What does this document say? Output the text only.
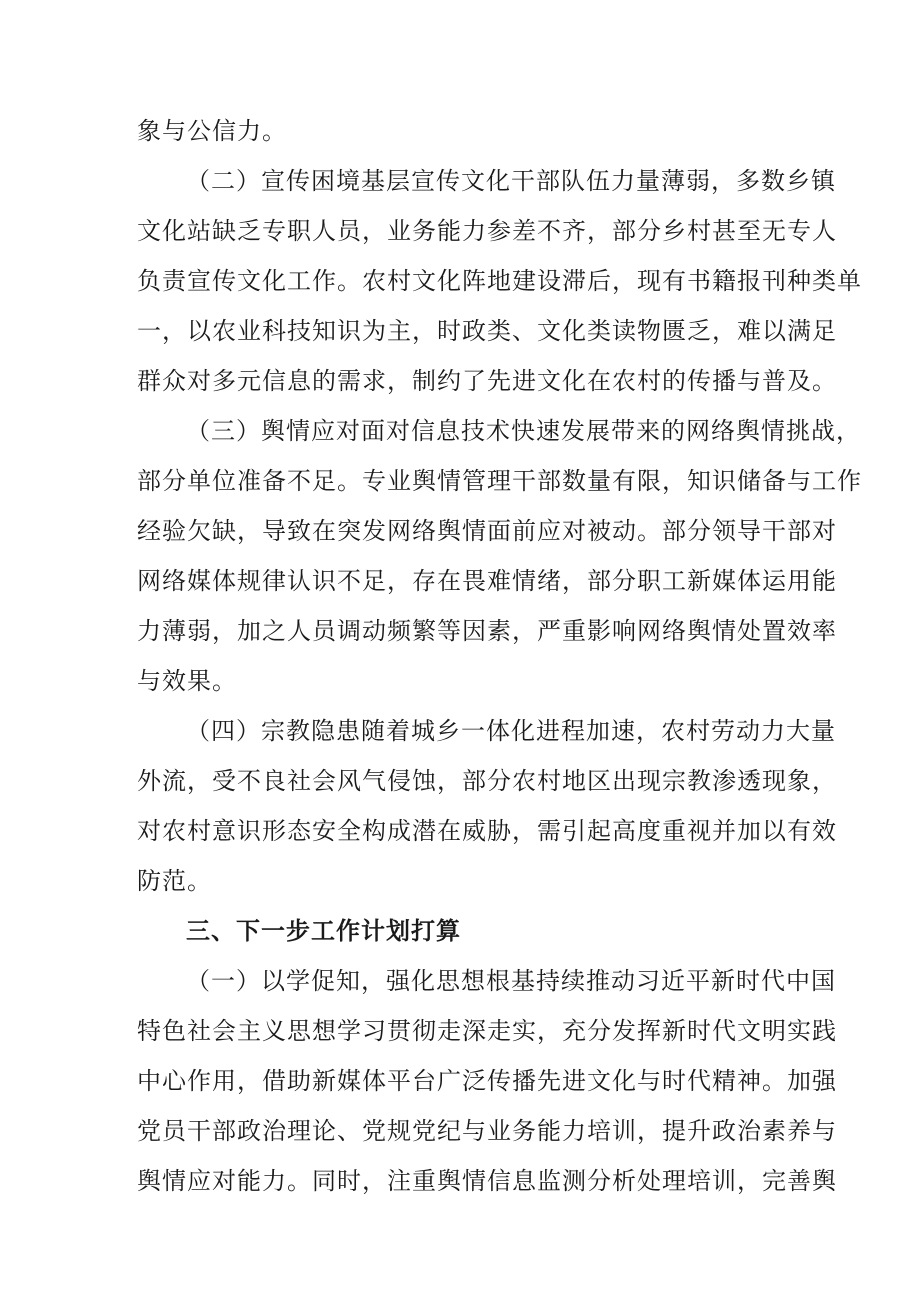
象与公信力。
（二）宣传困境基层宣传文化干部队伍力量薄弱，多数乡镇
文化站缺乏专职人员，业务能力参差不齐，部分乡村甚至无专人
负责宣传文化工作。农村文化阵地建设滞后，现有书籍报刊种类单
一，以农业科技知识为主，时政类、文化类读物匮乏，难以满足
群众对多元信息的需求，制约了先进文化在农村的传播与普及。
（三）舆情应对面对信息技术快速发展带来的网络舆情挑战，
部分单位准备不足。专业舆情管理干部数量有限，知识储备与工作
经验欠缺，导致在突发网络舆情面前应对被动。部分领导干部对
网络媒体规律认识不足，存在畏难情绪，部分职工新媒体运用能
力薄弱，加之人员调动频繁等因素，严重影响网络舆情处置效率
与效果。
（四）宗教隐患随着城乡一体化进程加速，农村劳动力大量
外流，受不良社会风气侵蚀，部分农村地区出现宗教渗透现象，
对农村意识形态安全构成潜在威胁，需引起高度重视并加以有效
防范。
三、下一步工作计划打算
（一）以学促知，强化思想根基持续推动习近平新时代中国
特色社会主义思想学习贯彻走深走实，充分发挥新时代文明实践
中心作用，借助新媒体平台广泛传播先进文化与时代精神。加强
党员干部政治理论、党规党纪与业务能力培训，提升政治素养与
舆情应对能力。同时，注重舆情信息监测分析处理培训，完善舆
